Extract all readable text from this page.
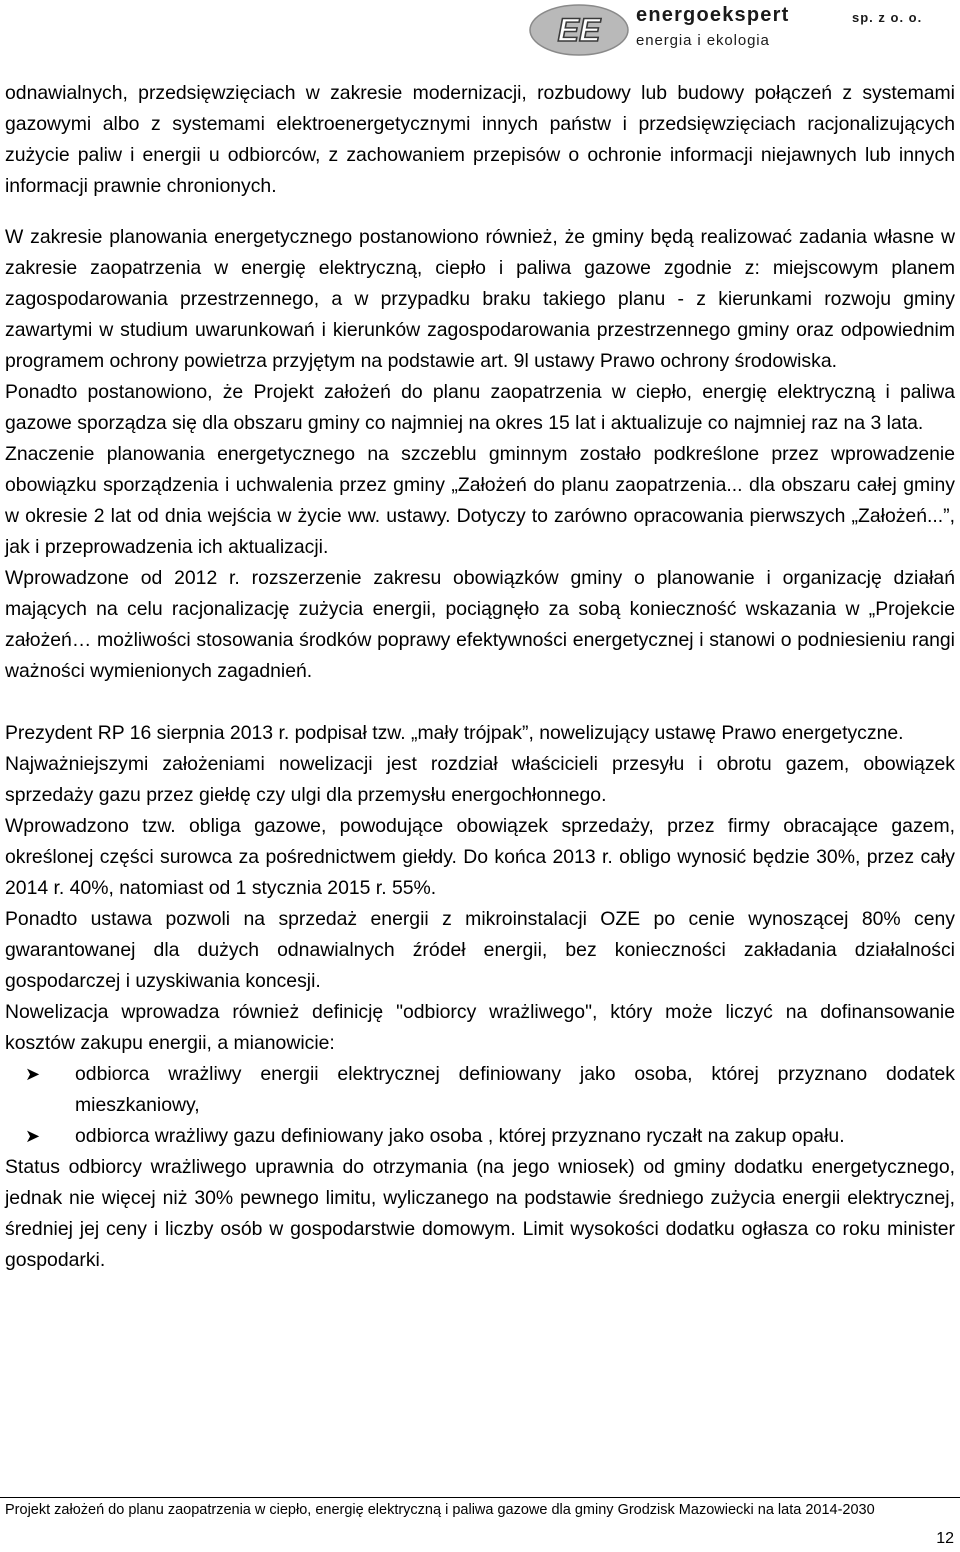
EE energoekspert
energia i ekologia
sp. z o. o.

odnawialnych, przedsięwzięciach w zakresie modernizacji, rozbudowy lub budowy połączeń z systemami gazowymi albo z systemami elektroenergetycznymi innych państw i przedsięwzięciach racjonalizujących zużycie paliw i energii u odbiorców, z zachowaniem przepisów o ochronie informacji niejawnych lub innych informacji prawnie chronionych.

W zakresie planowania energetycznego postanowiono również, że gminy będą realizować zadania własne w zakresie zaopatrzenia w energię elektryczną, ciepło i paliwa gazowe zgodnie z: miejscowym planem zagospodarowania przestrzennego, a w przypadku braku takiego planu - z kierunkami rozwoju gminy zawartymi w studium uwarunkowań i kierunków zagospodarowania przestrzennego gminy oraz odpowiednim programem ochrony powietrza przyjętym na podstawie art. 9l ustawy Prawo ochrony środowiska.

Ponadto postanowiono, że Projekt założeń do planu zaopatrzenia w ciepło, energię elektryczną i paliwa gazowe sporządza się dla obszaru gminy co najmniej na okres 15 lat i aktualizuje co najmniej raz na 3 lata.

Znaczenie planowania energetycznego na szczeblu gminnym zostało podkreślone przez wprowadzenie obowiązku sporządzenia i uchwalenia przez gminy „Założeń do planu zaopatrzenia... dla obszaru całej gminy w okresie 2 lat od dnia wejścia w życie ww. ustawy. Dotyczy to zarówno opracowania pierwszych „Założeń...”, jak i przeprowadzenia ich aktualizacji.

Wprowadzone od 2012 r. rozszerzenie zakresu obowiązków gminy o planowanie i organizację działań mających na celu racjonalizację zużycia energii, pociągnęło za sobą konieczność wskazania w „Projekcie założeń… możliwości stosowania środków poprawy efektywności energetycznej i stanowi o podniesieniu rangi ważności wymienionych zagadnień.

Prezydent RP 16 sierpnia 2013 r. podpisał tzw. „mały trójpak”, nowelizujący ustawę Prawo energetyczne.

Najważniejszymi założeniami nowelizacji jest rozdział właścicieli przesyłu i obrotu gazem, obowiązek sprzedaży gazu przez giełdę czy ulgi dla przemysłu energochłonnego.

Wprowadzono tzw. obliga gazowe, powodujące obowiązek sprzedaży, przez firmy obracające gazem, określonej części surowca za pośrednictwem giełdy. Do końca 2013 r. obligo wynosić będzie 30%, przez cały 2014 r. 40%, natomiast od 1 stycznia 2015 r. 55%.

Ponadto ustawa pozwoli na sprzedaż energii z mikroinstalacji OZE po cenie wynoszącej 80% ceny gwarantowanej dla dużych odnawialnych źródeł energii, bez konieczności zakładania działalności gospodarczej i uzyskiwania koncesji.

Nowelizacja wprowadza również definicję "odbiorcy wrażliwego", który może liczyć na dofinansowanie kosztów zakupu energii, a mianowicie:

➤ odbiorca wrażliwy energii elektrycznej definiowany jako osoba, której przyznano dodatek mieszkaniowy,
➤ odbiorca wrażliwy gazu definiowany jako osoba , której przyznano ryczałt na zakup opału.

Status odbiorcy wrażliwego uprawnia do otrzymania (na jego wniosek) od gminy dodatku energetycznego, jednak nie więcej niż 30% pewnego limitu, wyliczanego na podstawie średniego zużycia energii elektrycznej, średniej jej ceny i liczby osób w gospodarstwie domowym. Limit wysokości dodatku ogłasza co roku minister gospodarki.

Projekt założeń do planu zaopatrzenia w ciepło, energię elektryczną i paliwa gazowe dla gminy Grodzisk Mazowiecki na lata 2014-2030
12
